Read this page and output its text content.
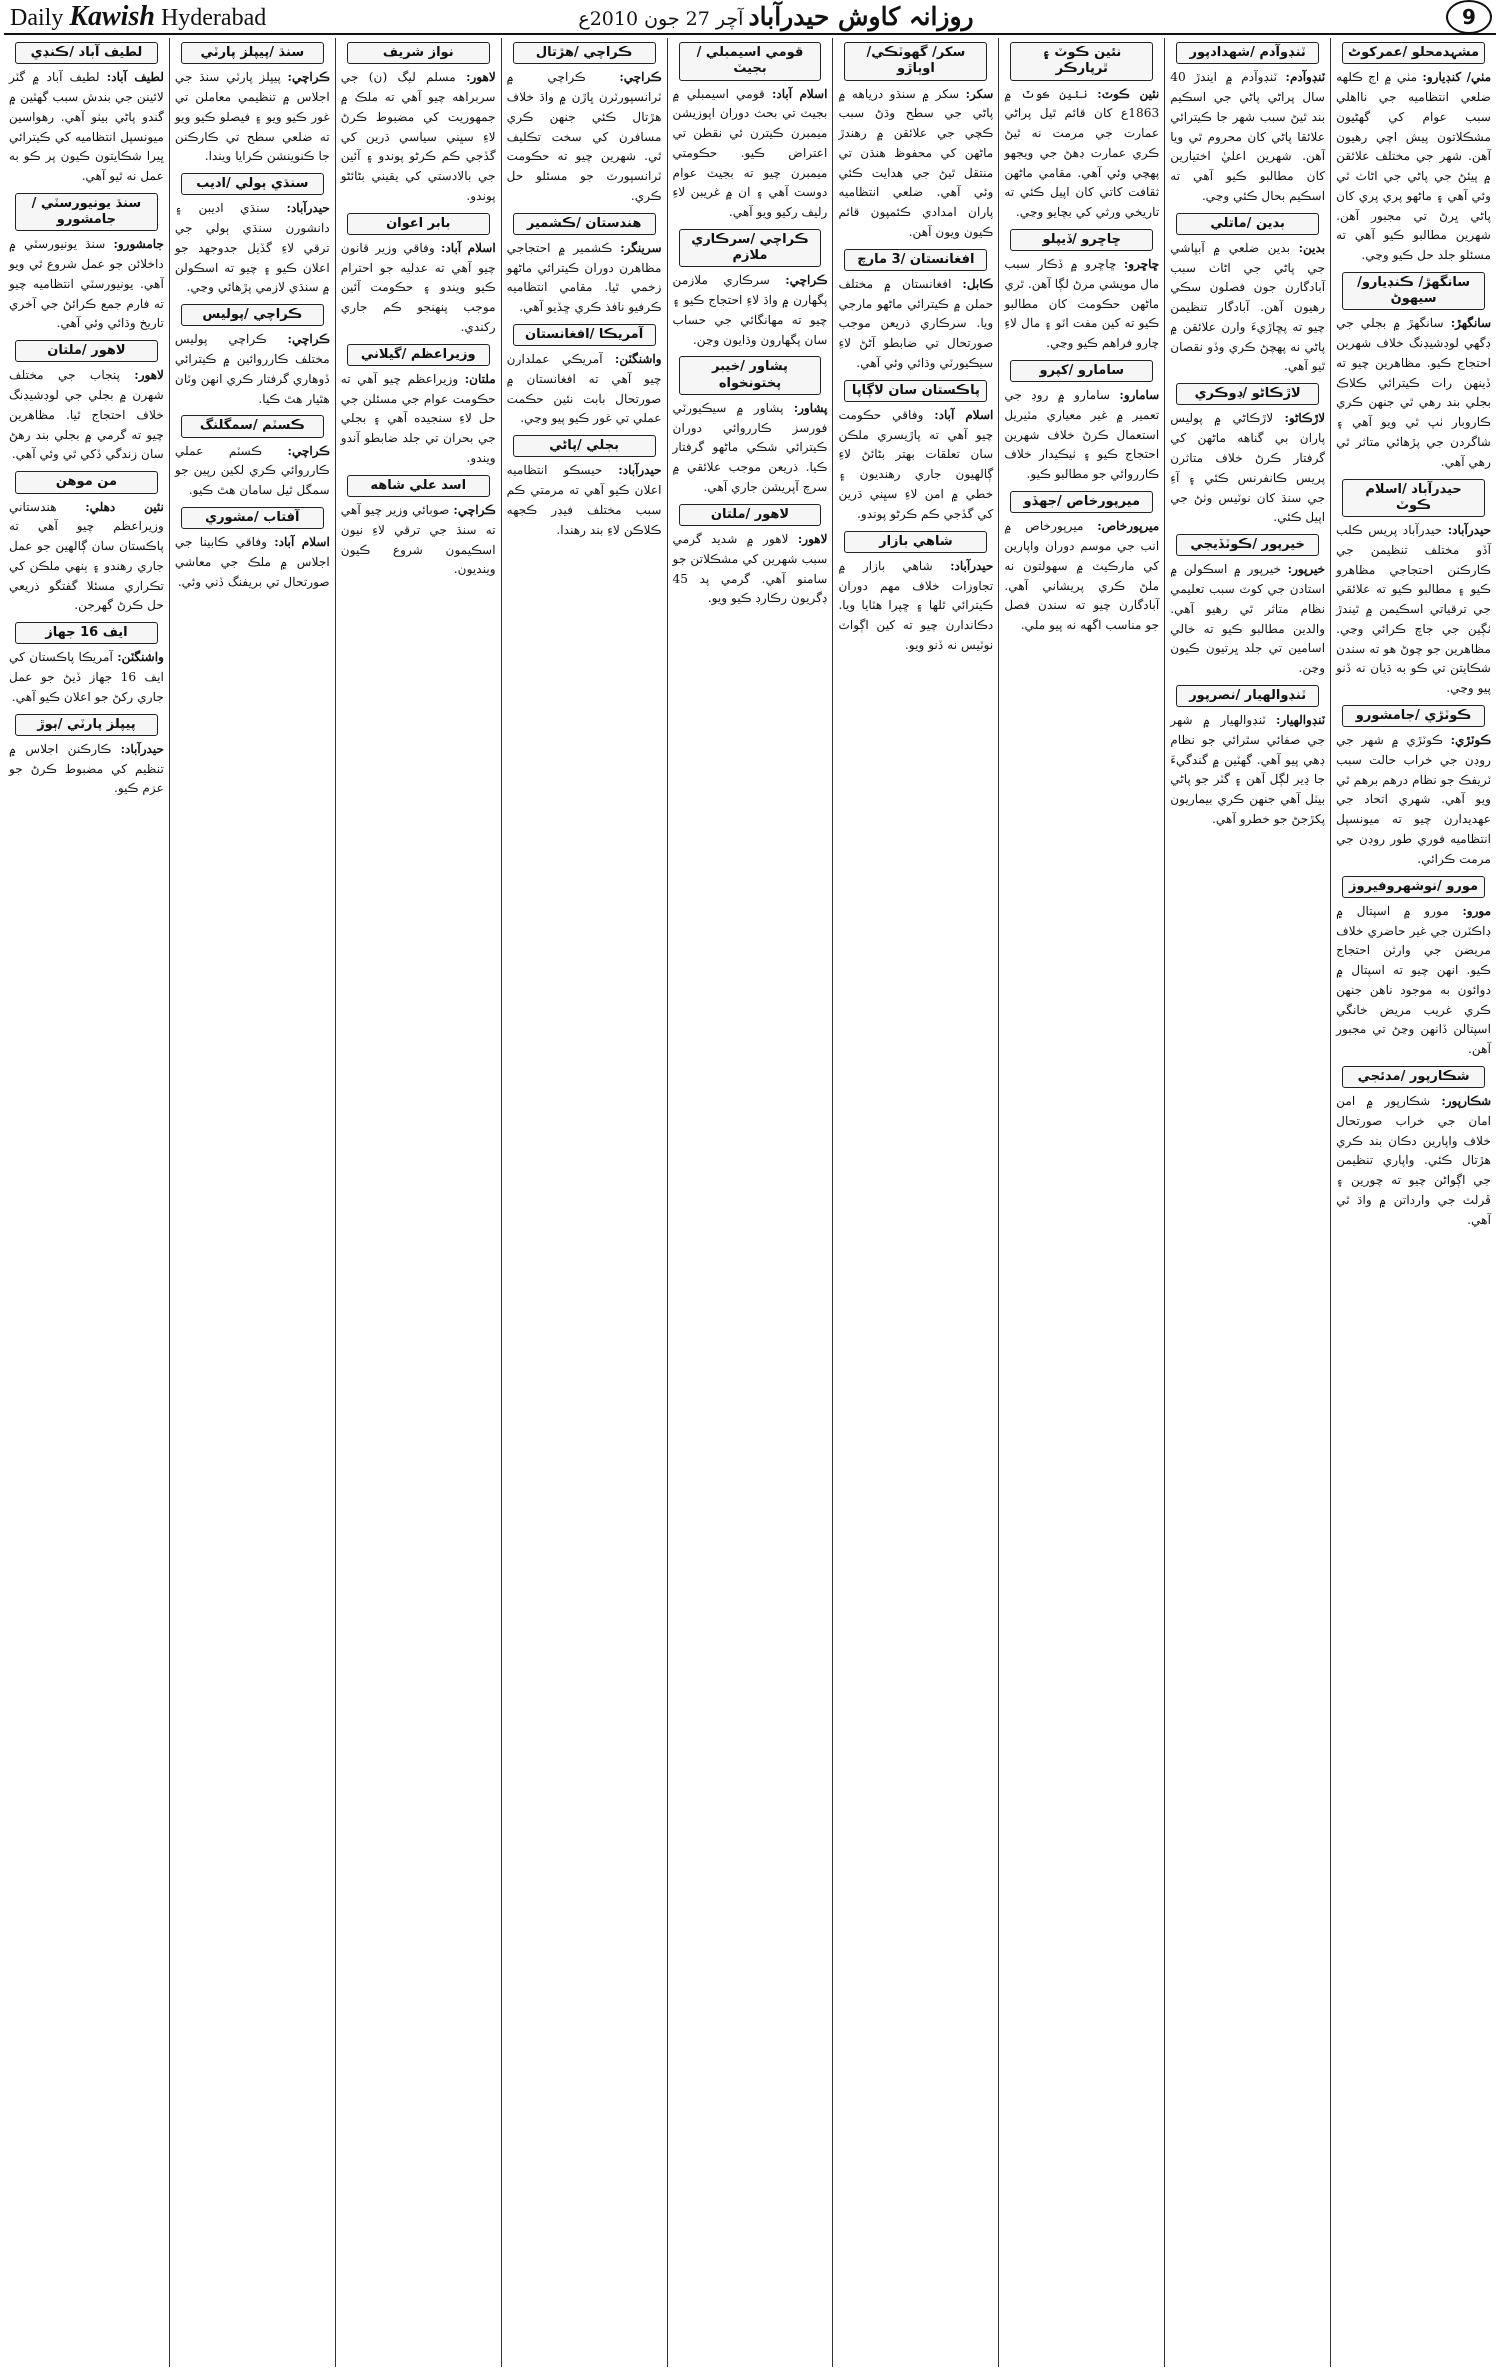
Daily Kawish Hyderabad	روزانہ کاوش حیدرآباد آچر 27 جون 2010ع	9
مشہدمحلو /عمرکوٹ

مٺي/ کنڊيارو: مٺي ۾ اڄ ڪلهه ضلعي انتظاميه جي نااهلي سبب عوام کي گهڻيون مشڪلاتون پيش اچي رهيون آهن. شهر جي مختلف علائقن ۾ پيئڻ جي پاڻي جي اڻاٺ ٿي وئي آهي ۽ ماڻهو پري پري کان پاڻي ڀرڻ تي مجبور آهن. شهرين مطالبو ڪيو آهي ته مسئلو جلد حل ڪيو وڃي.

سانگهڙ/ ڪنڊيارو/ سيهوڻ

سانگهڙ: سانگهڙ ۾ بجلي جي ڊگهي لوڊشيڊنگ خلاف شهرين احتجاج ڪيو. مظاهرين چيو ته ڏينهن رات ڪيترائي ڪلاڪ بجلي بند رهي ٿي جنهن ڪري ڪاروبار ٺپ ٿي ويو آهي ۽ شاگردن جي پڙهائي متاثر ٿي رهي آهي.

حيدرآباد /اسلام ڪوٽ

حيدرآباد: حيدرآباد پريس ڪلب آڏو مختلف تنظيمن جي ڪارڪنن احتجاجي مظاهرو ڪيو ۽ مطالبو ڪيو ته علائقي جي ترقياتي اسڪيمن ۾ ٿيندڙ ٺڳين جي جاچ ڪرائي وڃي. مظاهرين جو چوڻ هو ته سندن شڪايتن تي ڪو به ڌيان نه ڏنو پيو وڃي.

ڪوٽڙي /جامشورو

ڪوٽڙي: ڪوٽڙي ۾ شهر جي روڊن جي خراب حالت سبب ٽريفڪ جو نظام درهم برهم ٿي ويو آهي. شهري اتحاد جي عهديدارن چيو ته ميونسپل انتظاميه فوري طور روڊن جي مرمت ڪرائي.

مورو /نوشهروفيروز

مورو: مورو ۾ اسپتال ۾ ڊاڪٽرن جي غير حاضري خلاف مريضن جي وارثن احتجاج ڪيو. انهن چيو ته اسپتال ۾ دوائون به موجود ناهن جنهن ڪري غريب مريض خانگي اسپتالن ڏانهن وڃڻ تي مجبور آهن.

شڪارپور /مدئجي

شڪارپور: شڪارپور ۾ امن امان جي خراب صورتحال خلاف واپارين دڪان بند ڪري هڙتال ڪئي. واپاري تنظيمن جي اڳواڻن چيو ته چورين ۽ ڦرلٽ جي وارداتن ۾ واڌ ٿي آهي.

ٽنڊوآدم /شهدادپور

ٽنڊوآدم: ٽنڊوآدم ۾ ايندڙ 40 سال پراڻي پاڻي جي اسڪيم بند ٿيڻ سبب شهر جا ڪيترائي علائقا پاڻي کان محروم ٿي ويا آهن. شهرين اعليٰ اختيارين کان مطالبو ڪيو آهي ته اسڪيم بحال ڪئي وڃي.

بدين /ماتلي

بدين: بدين ضلعي ۾ آبپاشي جي پاڻي جي اڻاٺ سبب آبادگارن جون فصلون سڪي رهيون آهن. آبادگار تنظيمن چيو ته پڇاڙيءَ وارن علائقن ۾ پاڻي نه پهچڻ ڪري وڏو نقصان ٿيو آهي.

لاڙڪاڻو /ڊوڪري

لاڙڪاڻو: لاڙڪاڻي ۾ پوليس پاران بي گناهه ماڻهن کي گرفتار ڪرڻ خلاف متاثرن پريس ڪانفرنس ڪئي ۽ آءِ جي سنڌ کان نوٽيس وٺڻ جي اپيل ڪئي.

خيرپور /ڪوٽڏيجي

خيرپور: خيرپور ۾ اسڪولن ۾ استادن جي کوٽ سبب تعليمي نظام متاثر ٿي رهيو آهي. والدين مطالبو ڪيو ته خالي اسامين تي جلد ڀرتيون ڪيون وڃن.

ٽنڊوالهيار /نصرپور

ٽنڊوالهيار: ٽنڊوالهيار ۾ شهر جي صفائي سٿرائي جو نظام ڊهي پيو آهي. گهٽين ۾ گندگيءَ جا ڍير لڳل آهن ۽ گٽر جو پاڻي بيٺل آهي جنهن ڪري بيماريون پکڙجڻ جو خطرو آهي.

نئين ڪوٽ ۽ ٿرپارڪر

نئين ڪوٽ: نئين ڪوٽ ۾ 1863ع کان قائم ٿيل پراڻي عمارت جي مرمت نه ٿيڻ ڪري عمارت ڊهڻ جي ويجهو پهچي وئي آهي. مقامي ماڻهن ثقافت کاتي کان اپيل ڪئي ته تاريخي ورثي کي بچايو وڃي.

ڇاڇرو /ڏيپلو

ڇاڇرو: ڇاڇرو ۾ ڏڪار سبب مال مويشي مرڻ لڳا آهن. ٿري ماڻهن حڪومت کان مطالبو ڪيو ته کين مفت اٽو ۽ مال لاءِ چارو فراهم ڪيو وڃي.

سامارو /کپرو

سامارو: سامارو ۾ روڊ جي تعمير ۾ غير معياري مٽيريل استعمال ڪرڻ خلاف شهرين احتجاج ڪيو ۽ ٺيڪيدار خلاف ڪارروائي جو مطالبو ڪيو.

ميرپورخاص /جهڏو

ميرپورخاص: ميرپورخاص ۾ انب جي موسم دوران واپارين کي مارڪيٽ ۾ سهولتون نه ملڻ ڪري پريشاني آهي. آبادگارن چيو ته سندن فصل جو مناسب اگهه نه پيو ملي.

سکر/ گهوٽڪي/ اوٻاڙو

سکر: سکر ۾ سنڌو درياهه ۾ پاڻي جي سطح وڌڻ سبب ڪچي جي علائقن ۾ رهندڙ ماڻهن کي محفوظ هنڌن تي منتقل ٿيڻ جي هدايت ڪئي وئي آهي. ضلعي انتظاميه پاران امدادي ڪئمپون قائم ڪيون ويون آهن.

افغانستان /3 مارچ

ڪابل: افغانستان ۾ مختلف حملن ۾ ڪيترائي ماڻهو مارجي ويا. سرڪاري ذريعن موجب صورتحال تي ضابطو آڻڻ لاءِ سيڪيورٽي وڌائي وئي آهي.

پاڪستان سان لاڳاپا

اسلام آباد: وفاقي حڪومت چيو آهي ته پاڙيسري ملڪن سان تعلقات بهتر بڻائڻ لاءِ ڳالهيون جاري رهنديون ۽ خطي ۾ امن لاءِ سڀني ڌرين کي گڏجي ڪم ڪرڻو پوندو.

شاهي بازار

حيدرآباد: شاهي بازار ۾ تجاوزات خلاف مهم دوران ڪيترائي ٿلها ۽ ڇپرا هٽايا ويا. دڪاندارن چيو ته کين اڳواٽ نوٽيس نه ڏنو ويو.

قومي اسيمبلي /بجيٽ

اسلام آباد: قومي اسيمبلي ۾ بجيٽ تي بحث دوران اپوزيشن ميمبرن ڪيترن ئي نقطن تي اعتراض ڪيو. حڪومتي ميمبرن چيو ته بجيٽ عوام دوست آهي ۽ ان ۾ غريبن لاءِ رليف رکيو ويو آهي.

ڪراچي /سرڪاري ملازم

ڪراچي: سرڪاري ملازمن پگهارن ۾ واڌ لاءِ احتجاج ڪيو ۽ چيو ته مهانگائي جي حساب سان پگهارون وڌايون وڃن.

پشاور /خيبر پختونخواه

پشاور: پشاور ۾ سيڪيورٽي فورسز ڪارروائي دوران ڪيترائي شڪي ماڻهو گرفتار ڪيا. ذريعن موجب علائقي ۾ سرچ آپريشن جاري آهي.

لاهور /ملتان

لاهور: لاهور ۾ شديد گرمي سبب شهرين کي مشڪلاتن جو سامنو آهي. گرمي پد 45 ڊگريون رڪارڊ ڪيو ويو.

ڪراچي /هڙتال

ڪراچي: ڪراچي ۾ ٽرانسپورٽرن ڀاڙن ۾ واڌ خلاف هڙتال ڪئي جنهن ڪري مسافرن کي سخت تڪليف ٿي. شهرين چيو ته حڪومت ٽرانسپورٽ جو مسئلو حل ڪري.

هندستان /ڪشمير

سرينگر: ڪشمير ۾ احتجاجي مظاهرن دوران ڪيترائي ماڻهو زخمي ٿيا. مقامي انتظاميه ڪرفيو نافذ ڪري ڇڏيو آهي.

آمريڪا /افغانستان

واشنگٽن: آمريڪي عملدارن چيو آهي ته افغانستان ۾ صورتحال بابت نئين حڪمت عملي تي غور ڪيو پيو وڃي.

بجلي /پاڻي

حيدرآباد: حيسڪو انتظاميه اعلان ڪيو آهي ته مرمتي ڪم سبب مختلف فيڊر ڪجهه ڪلاڪن لاءِ بند رهندا.

نواز شريف

لاهور: مسلم ليگ (ن) جي سربراهه چيو آهي ته ملڪ ۾ جمهوريت کي مضبوط ڪرڻ لاءِ سڀني سياسي ڌرين کي گڏجي ڪم ڪرڻو پوندو ۽ آئين جي بالادستي کي يقيني بڻائڻو پوندو.

بابر اعوان

اسلام آباد: وفاقي وزير قانون چيو آهي ته عدليه جو احترام ڪيو ويندو ۽ حڪومت آئين موجب پنهنجو ڪم جاري رکندي.

وزيراعظم /گيلاني

ملتان: وزيراعظم چيو آهي ته حڪومت عوام جي مسئلن جي حل لاءِ سنجيده آهي ۽ بجلي جي بحران تي جلد ضابطو آندو ويندو.

اسد علي شاهه

ڪراچي: صوبائي وزير چيو آهي ته سنڌ جي ترقي لاءِ نيون اسڪيمون شروع ڪيون وينديون.

سنڌ /پيپلز پارٽي

ڪراچي: پيپلز پارٽي سنڌ جي اجلاس ۾ تنظيمي معاملن تي غور ڪيو ويو ۽ فيصلو ڪيو ويو ته ضلعي سطح تي ڪارڪنن جا ڪنوينشن ڪرايا ويندا.

سنڌي ٻولي /اديب

حيدرآباد: سنڌي اديبن ۽ دانشورن سنڌي ٻولي جي ترقي لاءِ گڏيل جدوجهد جو اعلان ڪيو ۽ چيو ته اسڪولن ۾ سنڌي لازمي پڙهائي وڃي.

ڪراچي /پوليس

ڪراچي: ڪراچي پوليس مختلف ڪارروائين ۾ ڪيترائي ڏوهاري گرفتار ڪري انهن وٽان هٿيار هٿ ڪيا.

ڪسٽم /سمگلنگ

ڪراچي: ڪسٽم عملي ڪارروائي ڪري لکين رپين جو سمگل ٿيل سامان هٿ ڪيو.

آفتاب /مشوري

اسلام آباد: وفاقي ڪابينا جي اجلاس ۾ ملڪ جي معاشي صورتحال تي بريفنگ ڏني وئي.

لطيف آباد /ڪنڊي

لطيف آباد: لطيف آباد ۾ گٽر لائينن جي بندش سبب گهٽين ۾ گندو پاڻي بيٺو آهي. رهواسين ميونسپل انتظاميه کي ڪيترائي ڀيرا شڪايتون ڪيون پر ڪو به عمل نه ٿيو آهي.

سنڌ يونيورسٽي /جامشورو

جامشورو: سنڌ يونيورسٽي ۾ داخلائن جو عمل شروع ٿي ويو آهي. يونيورسٽي انتظاميه چيو ته فارم جمع ڪرائڻ جي آخري تاريخ وڌائي وئي آهي.

لاهور /ملتان

لاهور: پنجاب جي مختلف شهرن ۾ بجلي جي لوڊشيڊنگ خلاف احتجاج ٿيا. مظاهرين چيو ته گرمي ۾ بجلي بند رهڻ سان زندگي ڏکي ٿي وئي آهي.

من موهن

نئين دهلي: هندستاني وزيراعظم چيو آهي ته پاڪستان سان ڳالهين جو عمل جاري رهندو ۽ ٻنهي ملڪن کي تڪراري مسئلا گفتگو ذريعي حل ڪرڻ گهرجن.

ايف 16 جهاز

واشنگٽن: آمريڪا پاڪستان کي ايف 16 جهاز ڏيڻ جو عمل جاري رکڻ جو اعلان ڪيو آهي.

پيپلز پارٽي /ٻوڙ

حيدرآباد: ڪارڪنن اجلاس ۾ تنظيم کي مضبوط ڪرڻ جو عزم ڪيو.
